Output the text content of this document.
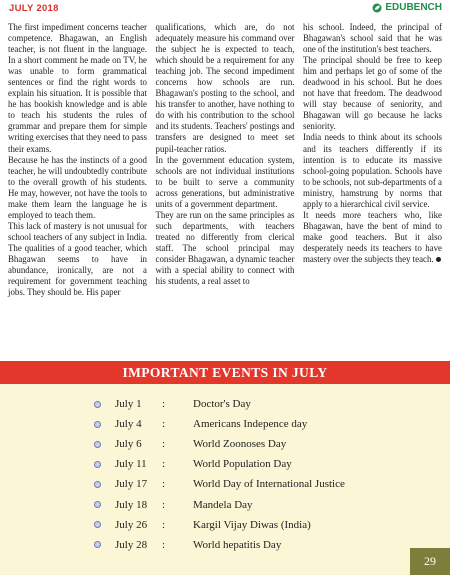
JULY 2018	EDUBENCH

The first impediment concerns teacher competence. Bhagawan, an English teacher, is not fluent in the language. In a short comment he made on TV, he was unable to form grammatical sentences or find the right words to explain his situation. It is possible that he has bookish knowledge and is able to teach his students the rules of grammar and prepare them for simple writing exercises that they need to pass their exams.

Because he has the instincts of a good teacher, he will undoubtedly contribute to the overall growth of his students. He may, however, not have the tools to make them learn the language he is employed to teach them.

This lack of mastery is not unusual for school teachers of any subject in India. The qualities of a good teacher, which Bhagawan seems to have in abundance, ironically, are not a requirement for government teaching jobs. They should be. His paper

qualifications, which are, do not adequately measure his command over the subject he is expected to teach, which should be a requirement for any teaching job. The second impediment concerns how schools are run. Bhagawan's posting to the school, and his transfer to another, have nothing to do with his contribution to the school and its students. Teachers' postings and transfers are designed to meet set pupil-teacher ratios.

In the government education system, schools are not individual institutions to be built to serve a community across generations, but administrative units of a government department.

They are run on the same principles as such departments, with teachers treated no differently from clerical staff. The school principal may consider Bhagawan, a dynamic teacher with a special ability to connect with his students, a real asset to

his school. Indeed, the principal of Bhagawan's school said that he was one of the institution's best teachers.

The principal should be free to keep him and perhaps let go of some of the deadwood in his school. But he does not have that freedom. The deadwood will stay because of seniority, and Bhagawan will go because he lacks seniority.

India needs to think about its schools and its teachers differently if its intention is to educate its massive school-going population. Schools have to be schools, not sub-departments of a ministry, hamstrung by norms that apply to a hierarchical civil service.

It needs more teachers who, like Bhagawan, have the bent of mind to make good teachers. But it also desperately needs its teachers to have mastery over the subjects they teach.

IMPORTANT EVENTS IN JULY
July 1	:	Doctor's Day
July 4	:	Americans Indepence day
July 6	:	World Zoonoses Day
July 11	:	World Population Day
July 17	:	World Day of International Justice
July 18	:	Mandela Day
July 26	:	Kargil Vijay Diwas (India)
July 28	:	World hepatitis Day
29
